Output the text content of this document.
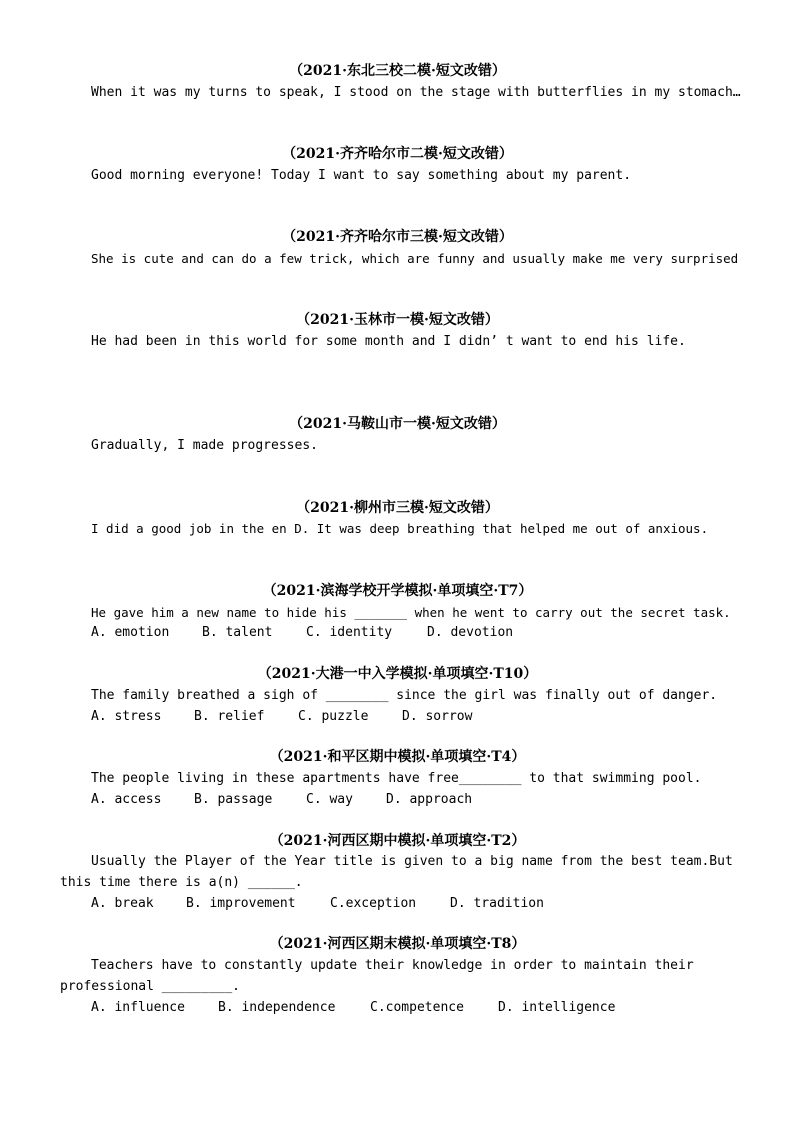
（2021·东北三校二模·短文改错）
When it was my turns to speak, I stood on the stage with butterflies in my stomach…
（2021·齐齐哈尔市二模·短文改错）
Good morning everyone! Today I want to say something about my parent.
（2021·齐齐哈尔市三模·短文改错）
She is cute and can do a few trick, which are funny and usually make me very surprised
（2021·玉林市一模·短文改错）
He had been in this world for some month and I didn’ t want to end his life.
（2021·马鞍山市一模·短文改错）
Gradually, I made progresses.
（2021·柳州市三模·短文改错）
I did a good job in the en D. It was deep breathing that helped me out of anxious.
（2021·滨海学校开学模拟·单项填空·T7）
He gave him a new name to hide his _______ when he went to carry out the secret task.
A. emotion	B. talent	C. identity	D. devotion
（2021·大港一中入学模拟·单项填空·T10）
The family breathed a sigh of ________ since the girl was finally out of danger.
A. stress	B. relief	C. puzzle	D. sorrow
（2021·和平区期中模拟·单项填空·T4）
The people living in these apartments have free________ to that swimming pool.
A. access	B. passage	C. way	D. approach
（2021·河西区期中模拟·单项填空·T2）
Usually the Player of the Year title is given to a big name from the best team.But
this time there is a(n) ______.
A. break B. improvement	C.exception	D. tradition
（2021·河西区期末模拟·单项填空·T8）
Teachers have to constantly update their knowledge in order to maintain their
professional _________.
A. influence	B. independence	C.competence	D. intelligence
